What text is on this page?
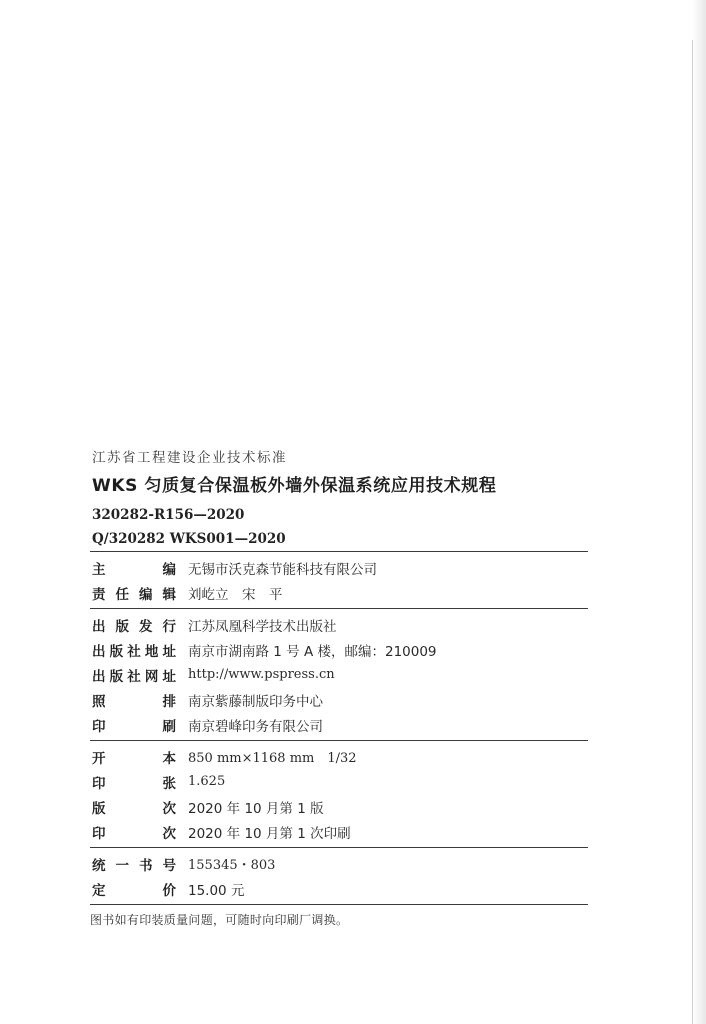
江苏省工程建设企业技术标准
WKS 匀质复合保温板外墙外保温系统应用技术规程
320282-R156—2020
Q/320282 WKS001—2020
主	编 无锡市沃克森节能科技有限公司
责 任 编 辑 刘屹立　宋　平
出 版 发 行 江苏凤凰科学技术出版社
出 版 社 地 址 南京市湖南路 1 号 A 楼，邮编：210009
出 版 社 网 址 http://www.pspress.cn
照	排 南京紫藤制版印务中心
印	刷 南京碧峰印务有限公司
开	本 850 mm×1168 mm　1/32
印	张 1.625
版	次 2020 年 10 月第 1 版
印	次 2020 年 10 月第 1 次印刷
统 一 书 号 155345・803
定	价 15.00 元
图书如有印装质量问题，可随时向印刷厂调换。
